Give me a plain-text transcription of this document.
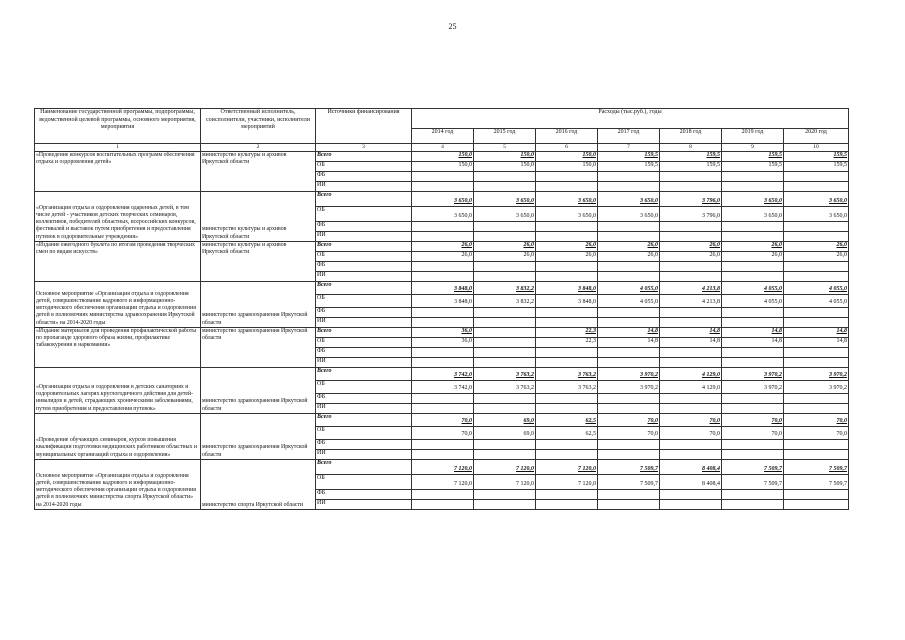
25
Наименование государственной программы, подпрограммы, ведомственной целевой программы, основного мероприятия, мероприятия	Ответственный исполнитель, соисполнители, участники, исполнители мероприятий	Источники финансирования	Расходы (тыс.руб.), годы						
			2014 год	2015 год	2016 год	2017 год	2018 год	2019 год	2020 год
1	2	3	4	5	6	7	8	9	10
«Проведение конкурсов воспитательных программ обеспечения отдыха и оздоровления детей»	министерство культуры и архивов Иркутской области	Всего	150,0	150,0	150,0	159,5	159,5	159,5	159,5
		ОБ	150,0	150,0	150,0	159,5	159,5	159,5	159,5
		ФБ							
		ИИ							
«Организация отдыха и оздоровления одаренных детей, в том числе детей - участников детских творческих семинаров, коллективов, победителей областных, всероссийских конкурсов, фестивалей и выставок путем приобретения и предоставления путевок в оздоровительные учреждения»	министерство культуры и архивов Иркутской области	Всего	3 650,0	3 650,0	3 650,0	3 650,0	3 796,0	3 650,0	3 650,0
		ОБ	3 650,0	3 650,0	3 650,0	3 650,0	3 796,0	3 650,0	3 650,0
		ФБ							
		ИИ							
«Издание ежегодного буклета по итогам проведения творческих смен по видам искусств»	министерство культуры и архивов Иркутской области	Всего	26,0	26,0	26,0	26,0	26,0	26,0	26,0
		ОБ	26,0	26,0	26,0	26,0	26,0	26,0	26,0
		ФБ							
		ИИ							
Основное мероприятие «Организация отдыха и оздоровления детей, совершенствование кадрового и информационно-методического обеспечения организации отдыха и оздоровления детей в полномочиях министерства здравоохранения Иркутской области» на 2014-2020 годы	министерство здравоохранения Иркутской области	Всего	3 848,0	3 832,2	3 848,0	4 055,0	4 213,8	4 055,0	4 055,0
		ОБ	3 848,0	3 832,2	3 848,0	4 055,0	4 213,8	4 055,0	4 055,0
		ФБ							
		ИИ							
«Издание материалов для проведения профилактической работы по пропаганде здорового образа жизни, профилактике табакокурения и наркомании»	министерство здравоохранения Иркутской области	Всего	36,0		22,3	14,8	14,8	14,8	14,8
		ОБ	36,0		22,3	14,8	14,8	14,8	14,8
		ФБ							
		ИИ							
«Организация отдыха и оздоровления в детских санаториях и оздоровительных лагерях круглогодичного действия для детей-инвалидов и детей, страдающих хроническими заболеваниями, путем приобретения и предоставления путевок»	министерство здравоохранения Иркутской области	Всего	3 742,0	3 763,2	3 763,2	3 970,2	4 129,0	3 970,2	3 970,2
		ОБ	3 742,0	3 763,2	3 763,2	3 970,2	4 129,0	3 970,2	3 970,2
		ФБ							
		ИИ							
«Проведение обучающих семинаров, курсов повышения квалификации подготовки медицинских работников областных и муниципальных организаций отдыха и оздоровления»	министерство здравоохранения Иркутской области	Всего	70,0	69,0	62,5	70,0	70,0	70,0	70,0
		ОБ	70,0	69,0	62,5	70,0	70,0	70,0	70,0
		ФБ							
		ИИ							
Основное мероприятие «Организация отдыха и оздоровления детей, совершенствование кадрового и информационно-методического обеспечения организации отдыха и оздоровления детей в полномочиях министерства спорта Иркутской области» на 2014-2020 годы	министерство спорта Иркутской области	Всего	7 120,0	7 120,0	7 120,0	7 509,7	8 408,4	7 509,7	7 509,7
		ОБ	7 120,0	7 120,0	7 120,0	7 509,7	8 408,4	7 509,7	7 509,7
		ФБ							
		ИИ							
